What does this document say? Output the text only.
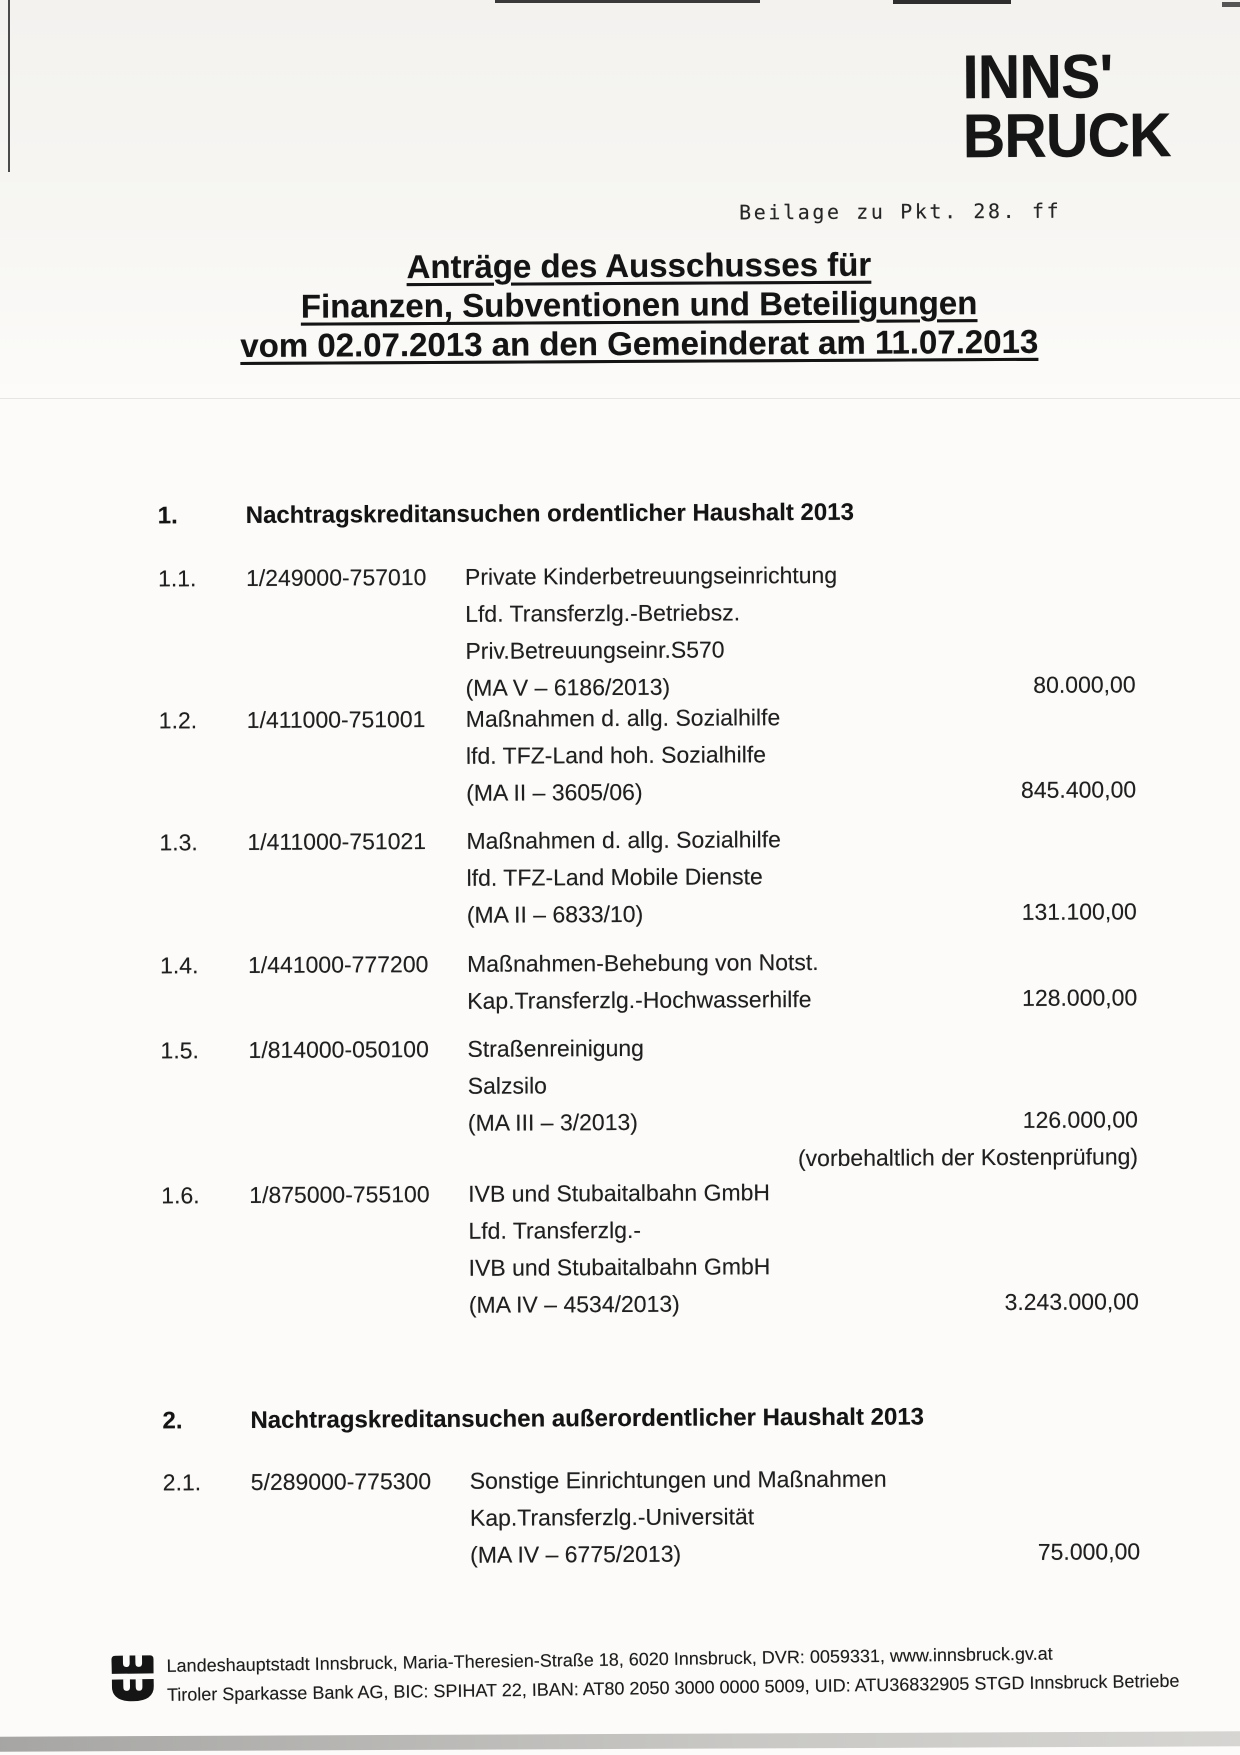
INNS'
BRUCK
Beilage zu Pkt. 28. ff
Anträge des Ausschusses für
Finanzen, Subventionen und Beteiligungen
vom 02.07.2013 an den Gemeinderat am 11.07.2013
1.	Nachtragskreditansuchen ordentlicher Haushalt 2013
1.1. 1/249000-757010 Private Kinderbetreuungseinrichtung
Lfd. Transferzlg.-Betriebsz.
Priv.Betreuungseinr.S570
(MA V – 6186/2013)	80.000,00
1.2. 1/411000-751001 Maßnahmen d. allg. Sozialhilfe
lfd. TFZ-Land hoh. Sozialhilfe
(MA II – 3605/06)	845.400,00
1.3. 1/411000-751021 Maßnahmen d. allg. Sozialhilfe
lfd. TFZ-Land Mobile Dienste
(MA II – 6833/10)	131.100,00
1.4. 1/441000-777200 Maßnahmen-Behebung von Notst.
Kap.Transferzlg.-Hochwasserhilfe	128.000,00
1.5. 1/814000-050100 Straßenreinigung
Salzsilo
(MA III – 3/2013)	126.000,00
(vorbehaltlich der Kostenprüfung)
1.6. 1/875000-755100 IVB und Stubaitalbahn GmbH
Lfd. Transferzlg.-
IVB und Stubaitalbahn GmbH
(MA IV – 4534/2013)	3.243.000,00
2.	Nachtragskreditansuchen außerordentlicher Haushalt 2013
2.1. 5/289000-775300 Sonstige Einrichtungen und Maßnahmen
Kap.Transferzlg.-Universität
(MA IV – 6775/2013)	75.000,00
Landeshauptstadt Innsbruck, Maria-Theresien-Straße 18, 6020 Innsbruck, DVR: 0059331, www.innsbruck.gv.at
Tiroler Sparkasse Bank AG, BIC: SPIHAT 22, IBAN: AT80 2050 3000 0000 5009, UID: ATU36832905 STGD Innsbruck Betriebe
